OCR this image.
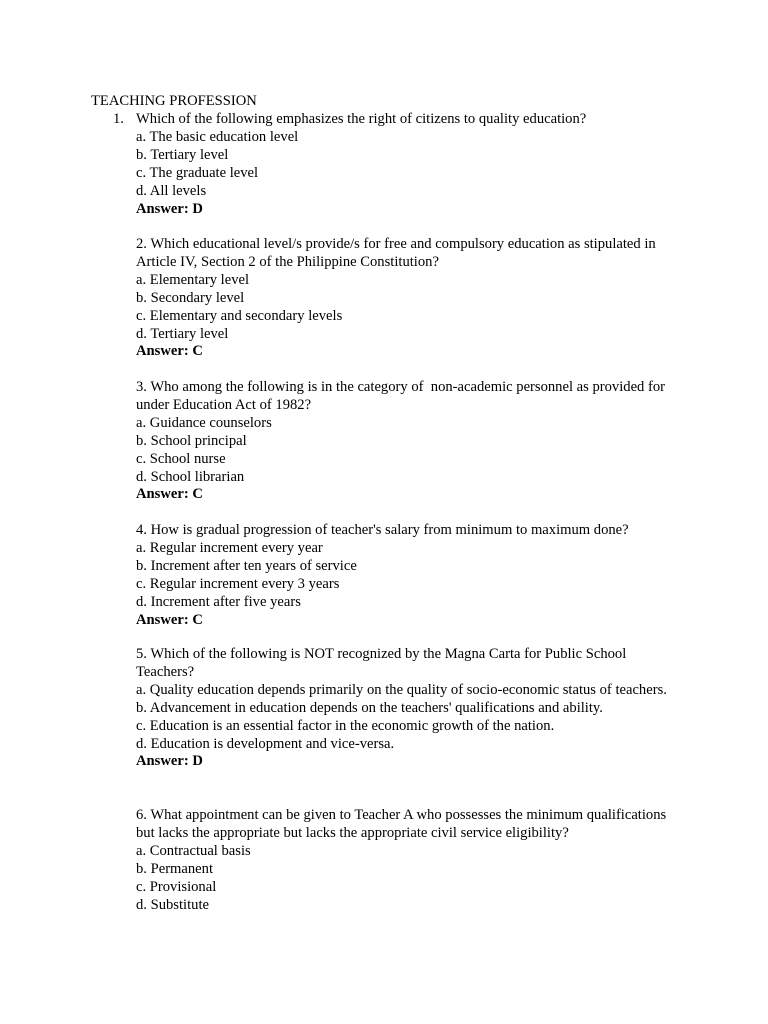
TEACHING PROFESSION
1. Which of the following emphasizes the right of citizens to quality education?
a. The basic education level
b. Tertiary level
c. The graduate level
d. All levels
Answer: D
2. Which educational level/s provide/s for free and compulsory education as stipulated in Article IV, Section 2 of the Philippine Constitution?
a. Elementary level
b. Secondary level
c. Elementary and secondary levels
d. Tertiary level
Answer: C
3. Who among the following is in the category of  non-academic personnel as provided for under Education Act of 1982?
a. Guidance counselors
b. School principal
c. School nurse
d. School librarian
Answer: C
4. How is gradual progression of teacher's salary from minimum to maximum done?
a. Regular increment every year
b. Increment after ten years of service
c. Regular increment every 3 years
d. Increment after five years
Answer: C
5. Which of the following is NOT recognized by the Magna Carta for Public School Teachers?
a. Quality education depends primarily on the quality of socio-economic status of teachers.
b. Advancement in education depends on the teachers' qualifications and ability.
c. Education is an essential factor in the economic growth of the nation.
d. Education is development and vice-versa.
Answer: D
6. What appointment can be given to Teacher A who possesses the minimum qualifications but lacks the appropriate but lacks the appropriate civil service eligibility?
a. Contractual basis
b. Permanent
c. Provisional
d. Substitute
